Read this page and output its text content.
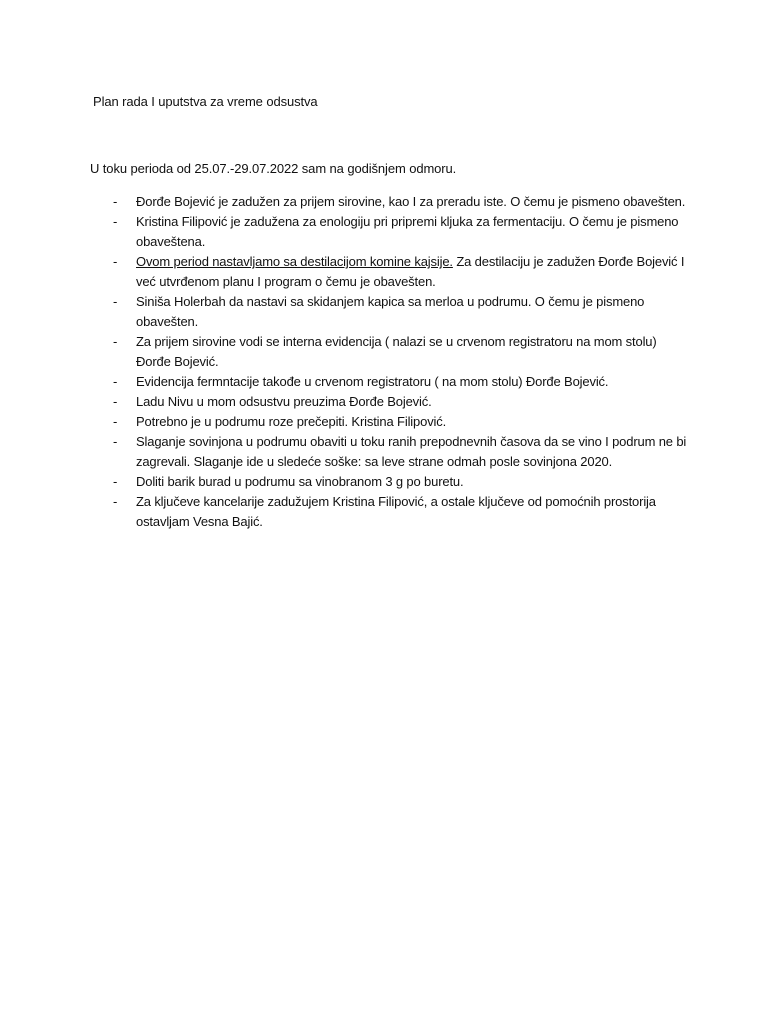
Plan rada I uputstva za vreme odsustva
U toku perioda od 25.07.-29.07.2022 sam na godišnjem odmoru.
- Đorđe Bojević je zadužen za prijem sirovine, kao I za preradu iste. O čemu je pismeno obavešten.
- Kristina Filipović je zadužena za enologiju pri pripremi kljuka za fermentaciju. O čemu je pismeno obaveštena.
- Ovom period nastavljamo sa destilacijom komine kajsije. Za destilaciju je zadužen Đorđe Bojević I već utvrđenom planu I program o čemu je obavešten.
- Siniša Holerbah da nastavi sa skidanjem kapica sa merloa u podrumu. O čemu je pismeno obavešten.
- Za prijem sirovine vodi se interna evidencija ( nalazi se u crvenom registratoru na mom stolu) Đorđe Bojević.
- Evidencija fermntacije takođe u crvenom registratoru ( na mom stolu) Đorđe Bojević.
- Ladu Nivu u mom odsustvu preuzima Đorđe Bojević.
- Potrebno je u podrumu roze prečepiti. Kristina Filipović.
- Slaganje sovinjona u podrumu obaviti u toku ranih prepodnevnih časova da se vino I podrum ne bi zagrevali. Slaganje ide u sledeće soške: sa leve strane odmah posle sovinjona 2020.
- Doliti barik burad u podrumu sa vinobranom 3 g po buretu.
- Za ključeve kancelarije zadužujem Kristina Filipović, a ostale ključeve od pomoćnih prostorija ostavljam Vesna Bajić.
